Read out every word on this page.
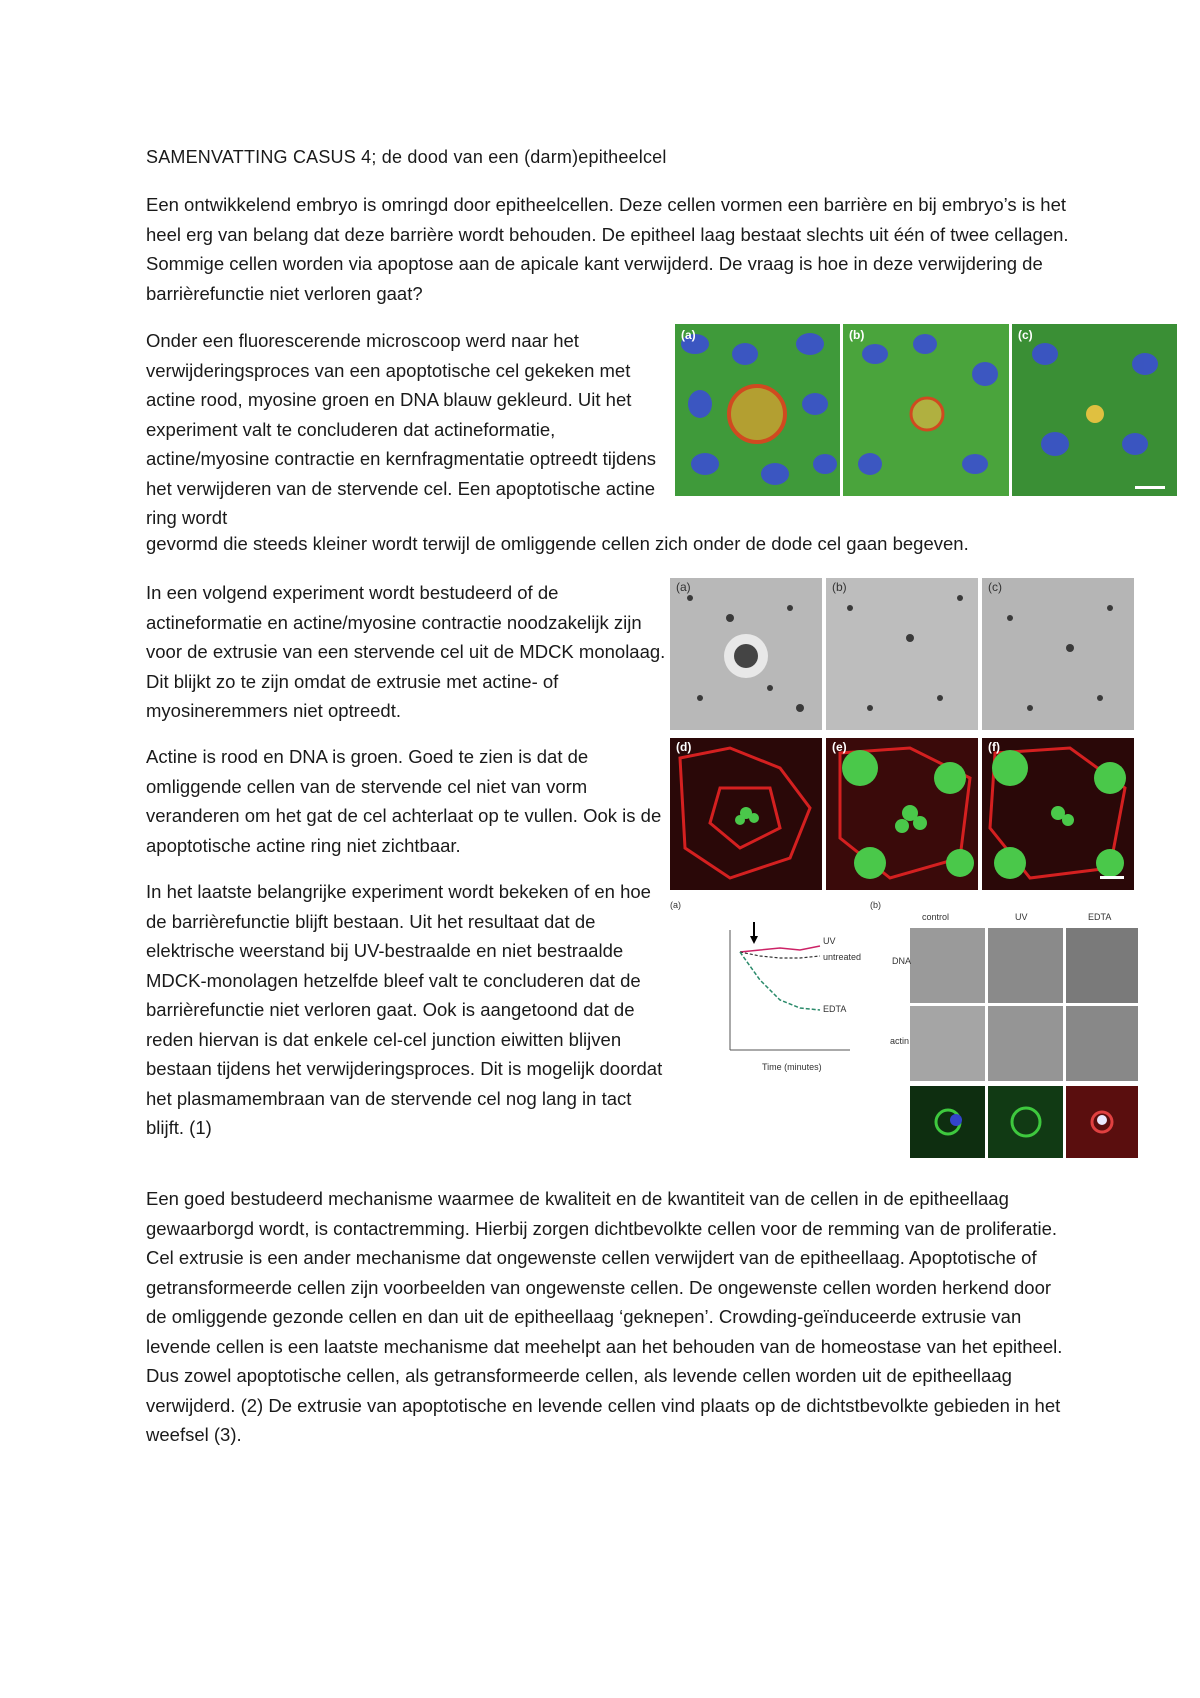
SAMENVATTING CASUS 4; de dood van een (darm)epitheelcel

Een ontwikkelend embryo is omringd door epitheelcellen. Deze cellen vormen een barrière en bij embryo’s is het heel erg van belang dat deze barrière wordt behouden. De epitheel laag bestaat slechts uit één of twee cellagen. Sommige cellen worden via apoptose aan de apicale kant verwijderd. De vraag is hoe in deze verwijdering de barrièrefunctie niet verloren gaat?

Onder een fluorescerende microscoop werd naar het verwijderingsproces van een apoptotische cel gekeken met actine rood, myosine groen en DNA blauw gekleurd. Uit het experiment valt te concluderen dat actineformatie, actine/myosine contractie en kernfragmentatie optreedt tijdens het verwijderen van de stervende cel. Een apoptotische actine ring wordt

gevormd die steeds kleiner wordt terwijl de omliggende cellen zich onder de dode cel gaan begeven.

In een volgend experiment wordt bestudeerd of de actineformatie en actine/myosine contractie noodzakelijk zijn voor de extrusie van een stervende cel uit de MDCK monolaag. Dit blijkt zo te zijn omdat de extrusie met actine- of myosineremmers niet optreedt.

Actine is rood en DNA is groen. Goed te zien is dat de omliggende cellen van de stervende cel niet van vorm veranderen om het gat de cel achterlaat op te vullen. Ook is de apoptotische actine ring niet zichtbaar.

In het laatste belangrijke experiment wordt bekeken of en hoe de barrièrefunctie blijft bestaan. Uit het resultaat dat de elektrische weerstand bij UV-bestraalde en niet bestraalde MDCK-monolagen hetzelfde bleef valt te concluderen dat de barrièrefunctie niet verloren gaat. Ook is aangetoond dat de reden hiervan is dat enkele cel-cel junction eiwitten blijven bestaan tijdens het verwijderingsproces. Dit is mogelijk doordat het plasmamembraan van de stervende cel nog lang in tact blijft. (1)

Een goed bestudeerd mechanisme waarmee de kwaliteit en de kwantiteit van de cellen in de epitheellaag gewaarborgd wordt, is contactremming. Hierbij zorgen dichtbevolkte cellen voor de remming van de proliferatie. Cel extrusie is een ander mechanisme dat ongewenste cellen verwijdert van de epitheellaag. Apoptotische of getransformeerde cellen zijn voorbeelden van ongewenste cellen. De ongewenste cellen worden herkend door de omliggende gezonde cellen en dan uit de epitheellaag ‘geknepen’. Crowding-geïnduceerde extrusie van levende cellen is een laatste mechanisme dat meehelpt aan het behouden van de homeostase van het epitheel. Dus zowel apoptotische cellen, als getransformeerde cellen, als levende cellen worden uit de epitheellaag verwijderd. (2) De extrusie van apoptotische en levende cellen vind plaats op de dichtstbevolkte gebieden in het weefsel (3).

(a)	(b)	(c)
(a)	(b)	(c)
(d)	(e)	(f)
(a)	(b)
Time (minutes)
UV
untreated
EDTA
control	UV	EDTA
DNA
actin
